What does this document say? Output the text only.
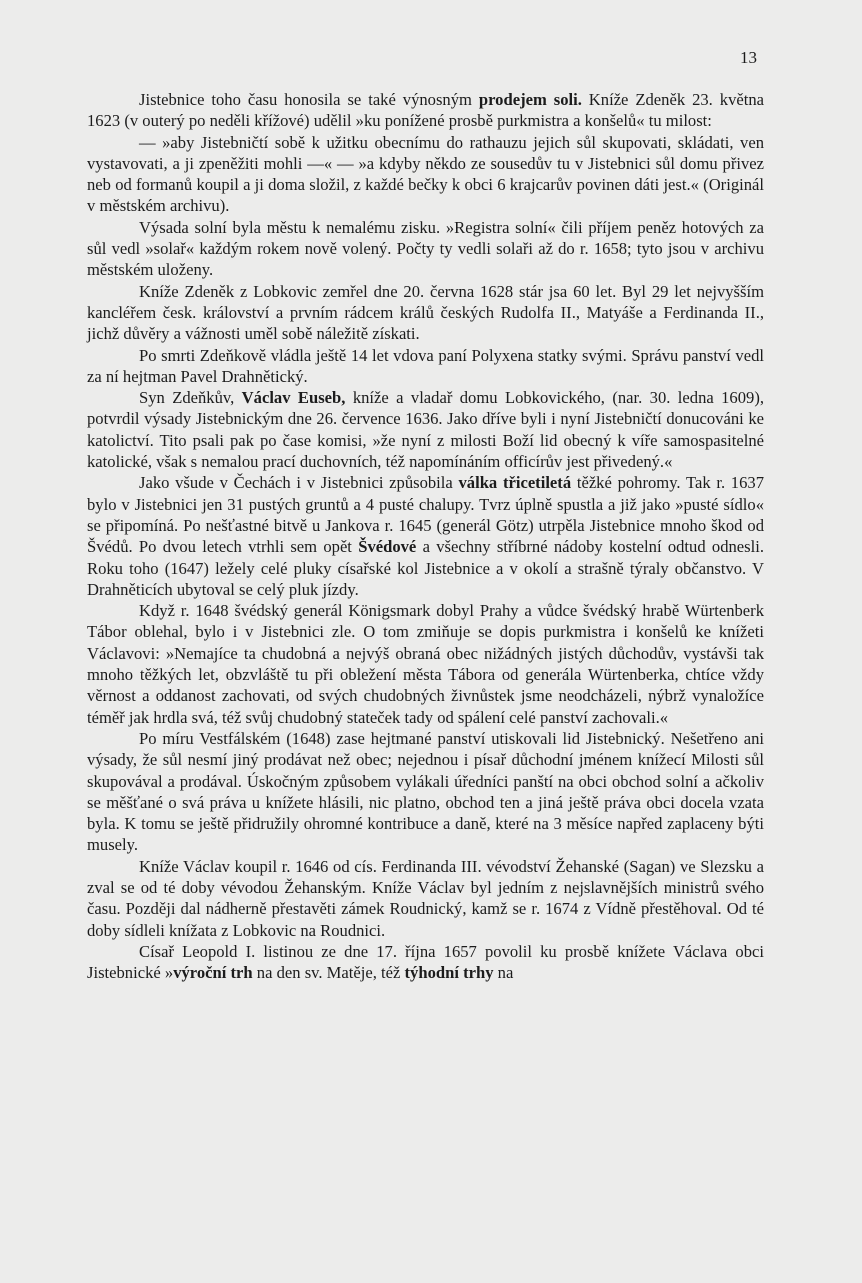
13

Jistebnice toho času honosila se také výnosným prodejem soli. Kníže Zdeněk 23. května 1623 (v outerý po neděli křížové) udělil »ku ponížené prosbě purkmistra a konšelů« tu milost:

— »aby Jistebničtí sobě k užitku obecnímu do rathauzu jejich sůl skupovati, skládati, ven vystavovati, a ji zpeněžiti mohli —« — »a kdyby někdo ze sousedův tu v Jistebnici sůl domu přivez neb od formanů koupil a ji doma složil, z každé bečky k obci 6 krajcarův povinen dáti jest.« (Originál v městském archivu).

Výsada solní byla městu k nemalému zisku. »Registra solní« čili příjem peněz hotových za sůl vedl »solař« každým rokem nově volený. Počty ty vedli solaři až do r. 1658; tyto jsou v archivu městském uloženy.

Kníže Zdeněk z Lobkovic zemřel dne 20. června 1628 stár jsa 60 let. Byl 29 let nejvyšším kancléřem česk. království a prvním rádcem králů českých Rudolfa II., Matyáše a Ferdinanda II., jichž důvěry a vážnosti uměl sobě náležitě získati.

Po smrti Zdeňkově vládla ještě 14 let vdova paní Polyxena statky svými. Správu panství vedl za ní hejtman Pavel Drahnětický.

Syn Zdeňkův, Václav Euseb, kníže a vladař domu Lobkovického, (nar. 30. ledna 1609), potvrdil výsady Jistebnickým dne 26. července 1636. Jako dříve byli i nyní Jistebničtí donucováni ke katolictví. Tito psali pak po čase komisi, »že nyní z milosti Boží lid obecný k víře samospasitelné katolické, však s nemalou prací duchovních, též napomínáním officírův jest přivedený.«

Jako všude v Čechách i v Jistebnici způsobila válka třicetiletá těžké pohromy. Tak r. 1637 bylo v Jistebnici jen 31 pustých gruntů a 4 pusté chalupy. Tvrz úplně spustla a již jako »pusté sídlo« se připomíná. Po nešťastné bitvě u Jankova r. 1645 (generál Götz) utrpěla Jistebnice mnoho škod od Švédů. Po dvou letech vtrhli sem opět Švédové a všechny stříbrné nádoby kostelní odtud odnesli. Roku toho (1647) ležely celé pluky císařské kol Jistebnice a v okolí a strašně týraly občanstvo. V Drahněticích ubytoval se celý pluk jízdy.

Když r. 1648 švédský generál Königsmark dobyl Prahy a vůdce švédský hrabě Würtenberk Tábor oblehal, bylo i v Jistebnici zle. O tom zmiňuje se dopis purkmistra i konšelů ke knížeti Václavovi: »Nemajíce ta chudobná a nejvýš obraná obec nižádných jistých důchodův, vystávši tak mnoho těžkých let, obzvláště tu při obležení města Tábora od generála Würtenberka, chtíce vždy věrnost a oddanost zachovati, od svých chudobných živnůstek jsme neodcházeli, nýbrž vynaložíce téměř jak hrdla svá, též svůj chudobný stateček tady od spálení celé panství zachovali.«

Po míru Vestfálském (1648) zase hejtmané panství utiskovali lid Jistebnický. Nešetřeno ani výsady, že sůl nesmí jiný prodávat než obec; nejednou i písař důchodní jménem knížecí Milosti sůl skupovával a prodával. Úskočným způsobem vylákali úředníci panští na obci obchod solní a ačkoliv se měšťané o svá práva u knížete hlásili, nic platno, obchod ten a jiná ještě práva obci docela vzata byla. K tomu se ještě přidružily ohromné kontribuce a daně, které na 3 měsíce napřed zaplaceny býti musely.

Kníže Václav koupil r. 1646 od cís. Ferdinanda III. vévodství Žehanské (Sagan) ve Slezsku a zval se od té doby vévodou Žehanským. Kníže Václav byl jedním z nejslavnějších ministrů svého času. Později dal nádherně přestavěti zámek Roudnický, kamž se r. 1674 z Vídně přestěhoval. Od té doby sídleli knížata z Lobkovic na Roudnici.

Císař Leopold I. listinou ze dne 17. října 1657 povolil ku prosbě knížete Václava obci Jistebnické »výroční trh na den sv. Matěje, též týhodní trhy na
